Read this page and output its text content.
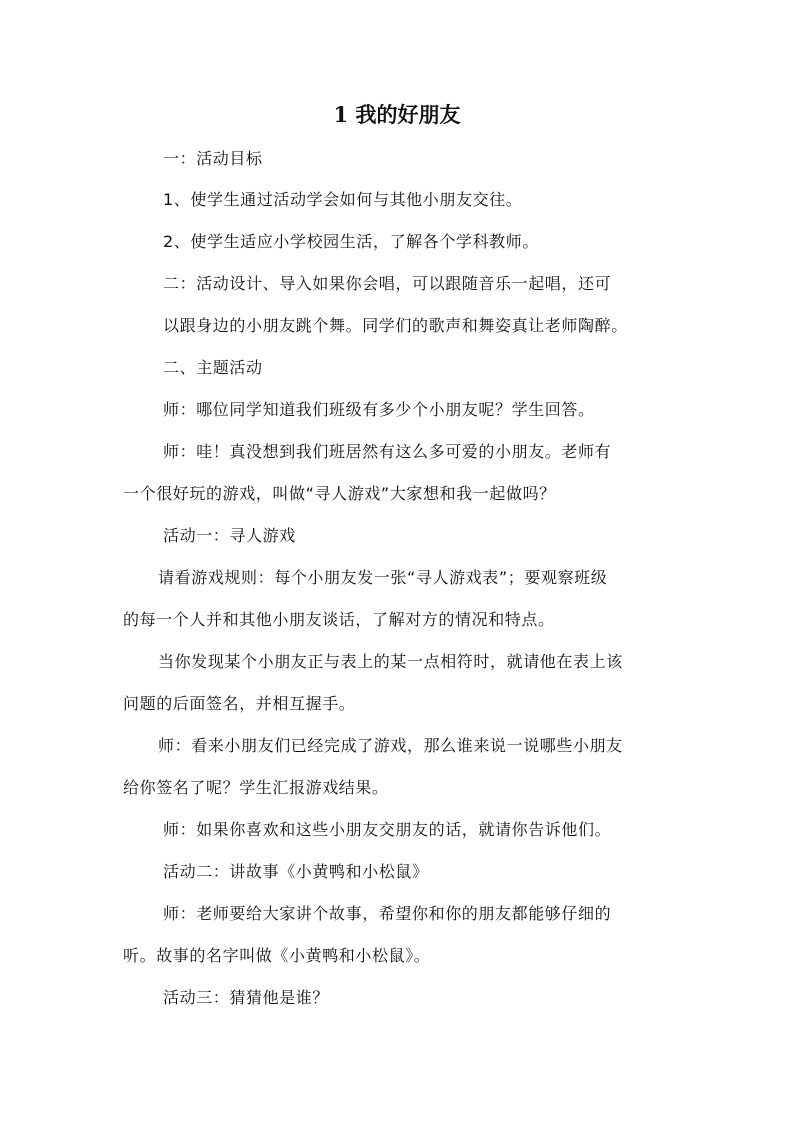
1 我的好朋友
一：活动目标
1、使学生通过活动学会如何与其他小朋友交往。
2、使学生适应小学校园生活，了解各个学科教师。
二：活动设计、导入如果你会唱，可以跟随音乐一起唱，还可
以跟身边的小朋友跳个舞。同学们的歌声和舞姿真让老师陶醉。
二、主题活动
师：哪位同学知道我们班级有多少个小朋友呢？学生回答。
师：哇！真没想到我们班居然有这么多可爱的小朋友。老师有
一个很好玩的游戏，叫做“寻人游戏”大家想和我一起做吗？
活动一：寻人游戏
请看游戏规则：每个小朋友发一张“寻人游戏表”；要观察班级
的每一个人并和其他小朋友谈话，了解对方的情况和特点。
当你发现某个小朋友正与表上的某一点相符时，就请他在表上该
问题的后面签名，并相互握手。
师：看来小朋友们已经完成了游戏，那么谁来说一说哪些小朋友
给你签名了呢？学生汇报游戏结果。
师：如果你喜欢和这些小朋友交朋友的话，就请你告诉他们。
活动二：讲故事《小黄鸭和小松鼠》
师：老师要给大家讲个故事，希望你和你的朋友都能够仔细的
听。故事的名字叫做《小黄鸭和小松鼠》。
活动三：猜猜他是谁？
